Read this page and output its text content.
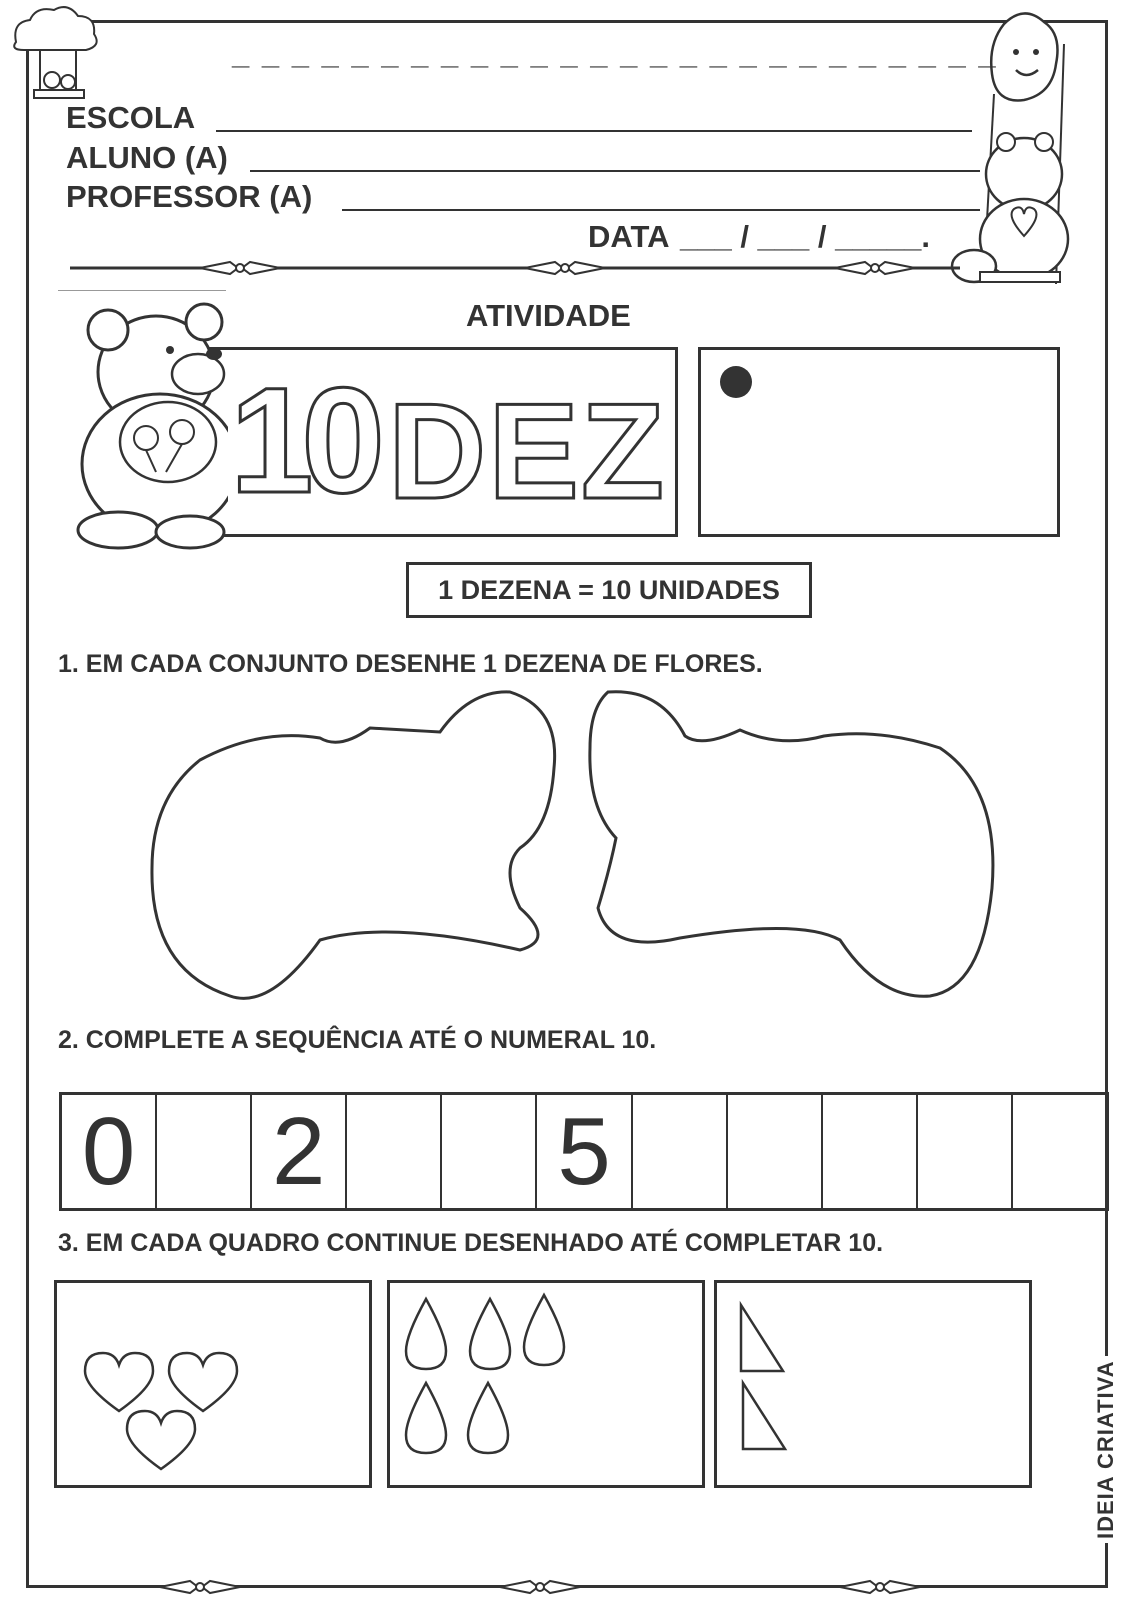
_ _ _ _ _ _ _ _ _ _ _ _ _ _ _ _ _ _ _ _ _ _ _ _ _ _
ESCOLA
ALUNO (A)
PROFESSOR (A)
DATA ___ / ___ / _____.
ATIVIDADE
10 DEZ
1 DEZENA = 10 UNIDADES
1. EM CADA CONJUNTO DESENHE 1 DEZENA DE FLORES.
2. COMPLETE A SEQUÊNCIA ATÉ O NUMERAL 10.
0 2 5
3. EM CADA QUADRO CONTINUE DESENHADO ATÉ COMPLETAR 10.
IDEIA CRIATIVA
